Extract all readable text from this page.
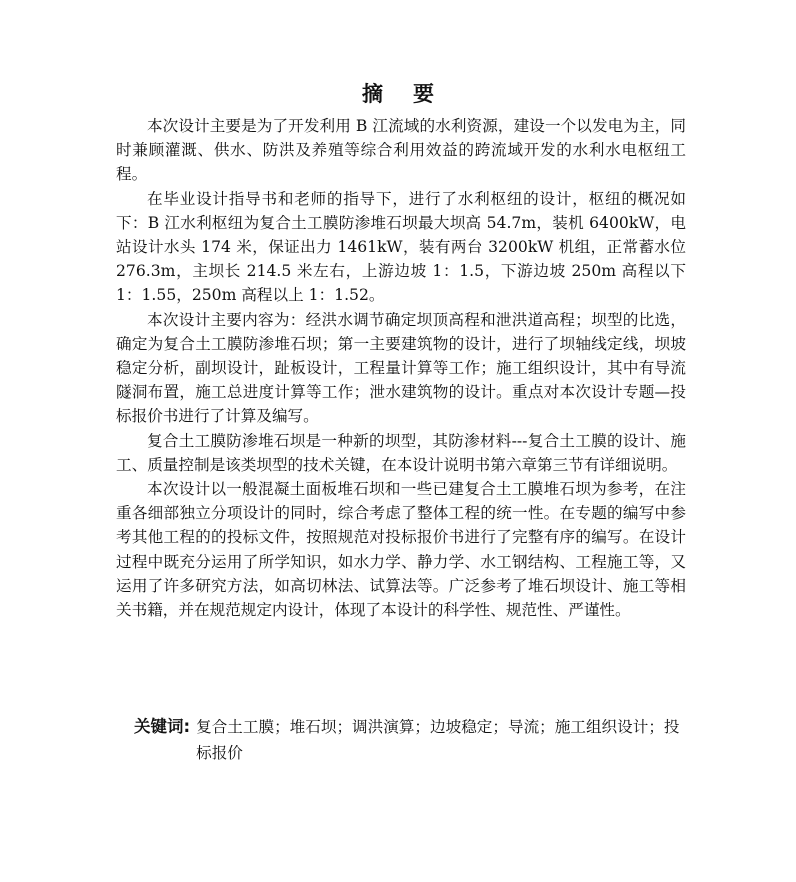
摘要

本次设计主要是为了开发利用 B 江流域的水利资源，建设一个以发电为主，同时兼顾灌溉、供水、防洪及养殖等综合利用效益的跨流域开发的水利水电枢纽工程。

在毕业设计指导书和老师的指导下，进行了水利枢纽的设计，枢纽的概况如下：B 江水利枢纽为复合土工膜防渗堆石坝最大坝高 54.7m，装机 6400kW，电站设计水头 174 米，保证出力 1461kW，装有两台 3200kW 机组，正常蓄水位 276.3m，主坝长 214.5 米左右，上游边坡 1：1.5，下游边坡 250m 高程以下 1：1.55，250m 高程以上 1：1.52。

本次设计主要内容为：经洪水调节确定坝顶高程和泄洪道高程；坝型的比选，确定为复合土工膜防渗堆石坝；第一主要建筑物的设计，进行了坝轴线定线，坝坡稳定分析，副坝设计，趾板设计，工程量计算等工作；施工组织设计，其中有导流隧洞布置，施工总进度计算等工作；泄水建筑物的设计。重点对本次设计专题—投标报价书进行了计算及编写。

复合土工膜防渗堆石坝是一种新的坝型，其防渗材料---复合土工膜的设计、施工、质量控制是该类坝型的技术关键，在本设计说明书第六章第三节有详细说明。

本次设计以一般混凝土面板堆石坝和一些已建复合土工膜堆石坝为参考，在注重各细部独立分项设计的同时，综合考虑了整体工程的统一性。在专题的编写中参考其他工程的的投标文件，按照规范对投标报价书进行了完整有序的编写。在设计过程中既充分运用了所学知识，如水力学、静力学、水工钢结构、工程施工等，又运用了许多研究方法，如高切林法、试算法等。广泛参考了堆石坝设计、施工等相关书籍，并在规范规定内设计，体现了本设计的科学性、规范性、严谨性。

关键词: 复合土工膜；堆石坝；调洪演算；边坡稳定；导流；施工组织设计；投标报价
